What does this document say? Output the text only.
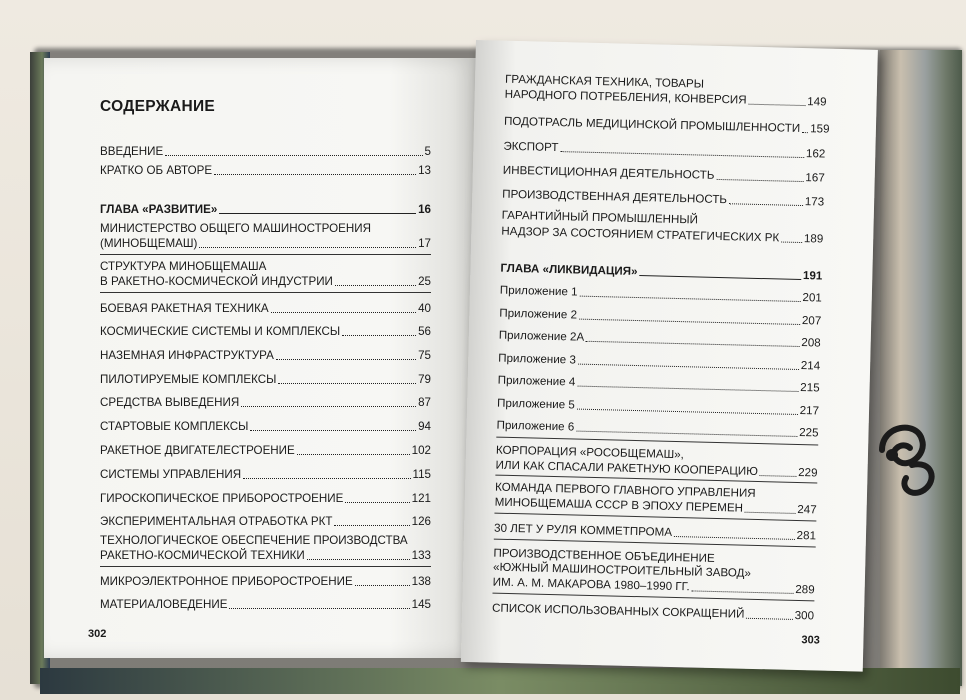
СОДЕРЖАНИЕ
ВВЕДЕНИЕ	5
КРАТКО ОБ АВТОРЕ	13
ГЛАВА «РАЗВИТИЕ»	16
МИНИСТЕРСТВО ОБЩЕГО МАШИНОСТРОЕНИЯ
(МИНОБЩЕМАШ)	17
СТРУКТУРА МИНОБЩЕМАША
В РАКЕТНО-КОСМИЧЕСКОЙ ИНДУСТРИИ	25
БОЕВАЯ РАКЕТНАЯ ТЕХНИКА	40
КОСМИЧЕСКИЕ СИСТЕМЫ И КОМПЛЕКСЫ	56
НАЗЕМНАЯ ИНФРАСТРУКТУРА	75
ПИЛОТИРУЕМЫЕ КОМПЛЕКСЫ	79
СРЕДСТВА ВЫВЕДЕНИЯ	87
СТАРТОВЫЕ КОМПЛЕКСЫ	94
РАКЕТНОЕ ДВИГАТЕЛЕСТРОЕНИЕ	102
СИСТЕМЫ УПРАВЛЕНИЯ	115
ГИРОСКОПИЧЕСКОЕ ПРИБОРОСТРОЕНИЕ	121
ЭКСПЕРИМЕНТАЛЬНАЯ ОТРАБОТКА РКТ	126
ТЕХНОЛОГИЧЕСКОЕ ОБЕСПЕЧЕНИЕ ПРОИЗВОДСТВА
РАКЕТНО-КОСМИЧЕСКОЙ ТЕХНИКИ	133
МИКРОЭЛЕКТРОННОЕ ПРИБОРОСТРОЕНИЕ	138
МАТЕРИАЛОВЕДЕНИЕ	145
302
ГРАЖДАНСКАЯ ТЕХНИКА, ТОВАРЫ
НАРОДНОГО ПОТРЕБЛЕНИЯ, КОНВЕРСИЯ	149
ПОДОТРАСЛЬ МЕДИЦИНСКОЙ ПРОМЫШЛЕННОСТИ 159
ЭКСПОРТ	162
ИНВЕСТИЦИОННАЯ ДЕЯТЕЛЬНОСТЬ	167
ПРОИЗВОДСТВЕННАЯ ДЕЯТЕЛЬНОСТЬ	173
ГАРАНТИЙНЫЙ ПРОМЫШЛЕННЫЙ
НАДЗОР ЗА СОСТОЯНИЕМ СТРАТЕГИЧЕСКИХ РК 189
ГЛАВА «ЛИКВИДАЦИЯ»	191
Приложение 1	201
Приложение 2	207
Приложение 2А	208
Приложение 3	214
Приложение 4	215
Приложение 5	217
Приложение 6	225
КОРПОРАЦИЯ «РОСОБЩЕМАШ»,
ИЛИ КАК СПАСАЛИ РАКЕТНУЮ КООПЕРАЦИЮ	229
КОМАНДА ПЕРВОГО ГЛАВНОГО УПРАВЛЕНИЯ
МИНОБЩЕМАША СССР В ЭПОХУ ПЕРЕМЕН	247
30 ЛЕТ У РУЛЯ КОММЕТПРОМА	281
ПРОИЗВОДСТВЕННОЕ ОБЪЕДИНЕНИЕ
«ЮЖНЫЙ МАШИНОСТРОИТЕЛЬНЫЙ ЗАВОД»
ИМ. А. М. МАКАРОВА 1980–1990 ГГ.	289
СПИСОК ИСПОЛЬЗОВАННЫХ СОКРАЩЕНИЙ	300
303
